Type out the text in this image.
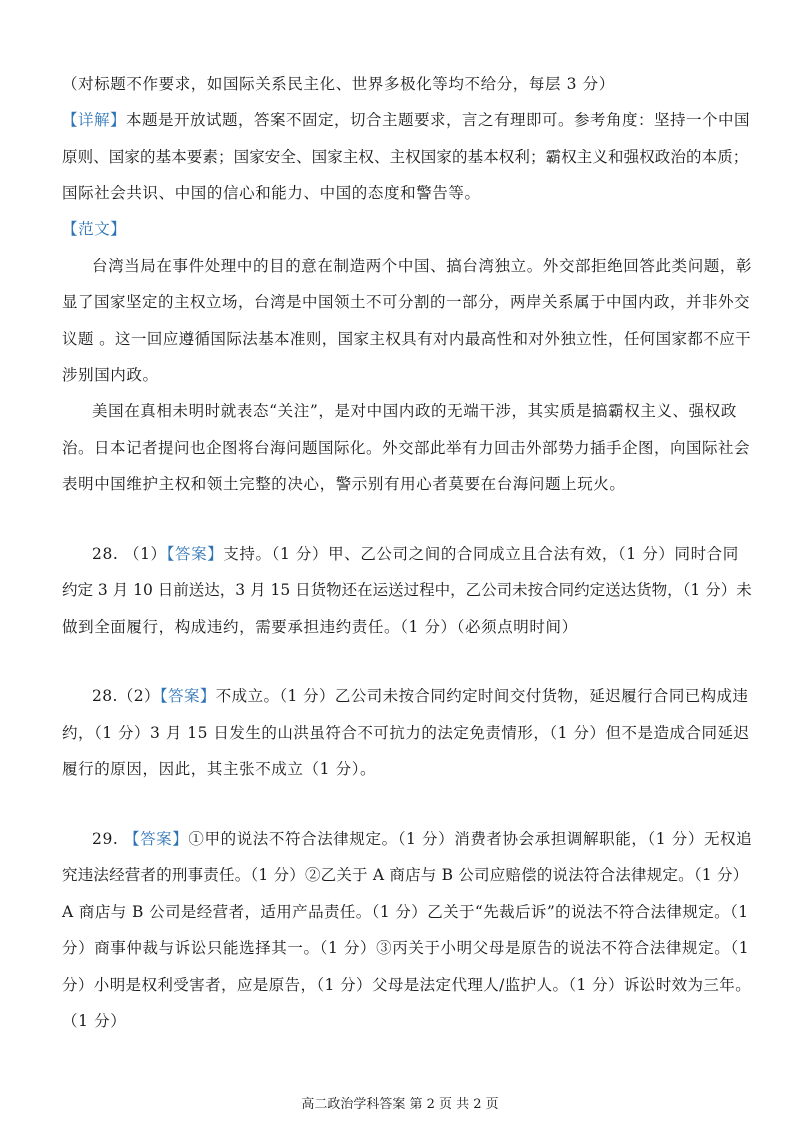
（对标题不作要求，如国际关系民主化、世界多极化等均不给分，每层 3 分）
【详解】本题是开放试题，答案不固定，切合主题要求，言之有理即可。参考角度：坚持一个中国
原则、国家的基本要素；国家安全、国家主权、主权国家的基本权利；霸权主义和强权政治的本质；
国际社会共识、中国的信心和能力、中国的态度和警告等。
【范文】
台湾当局在事件处理中的目的意在制造两个中国、搞台湾独立。外交部拒绝回答此类问题，彰
显了国家坚定的主权立场，台湾是中国领土不可分割的一部分，两岸关系属于中国内政，并非外交
议题 。这一回应遵循国际法基本准则，国家主权具有对内最高性和对外独立性，任何国家都不应干
涉别国内政。
美国在真相未明时就表态“关注”，是对中国内政的无端干涉，其实质是搞霸权主义、强权政
治。日本记者提问也企图将台海问题国际化。外交部此举有力回击外部势力插手企图，向国际社会
表明中国维护主权和领土完整的决心，警示别有用心者莫要在台海问题上玩火。
28. （1）【答案】支持。（1 分）甲、乙公司之间的合同成立且合法有效，（1 分）同时合同
约定 3 月 10 日前送达，3 月 15 日货物还在运送过程中，乙公司未按合同约定送达货物，（1 分）未
做到全面履行，构成违约，需要承担违约责任。（1 分）（必须点明时间）
28.（2）【答案】不成立。（1 分）乙公司未按合同约定时间交付货物，延迟履行合同已构成违
约，（1 分）3 月 15 日发生的山洪虽符合不可抗力的法定免责情形，（1 分）但不是造成合同延迟
履行的原因，因此，其主张不成立（1 分）。
29. 【答案】①甲的说法不符合法律规定。（1 分）消费者协会承担调解职能，（1 分）无权追
究违法经营者的刑事责任。（1 分）②乙关于 A 商店与 B 公司应赔偿的说法符合法律规定。（1 分）
A 商店与 B 公司是经营者，适用产品责任。（1 分）乙关于“先裁后诉”的说法不符合法律规定。（1
分）商事仲裁与诉讼只能选择其一。（1 分）③丙关于小明父母是原告的说法不符合法律规定。（1
分）小明是权利受害者，应是原告，（1 分）父母是法定代理人/监护人。（1 分）诉讼时效为三年。
（1 分）
高二政治学科答案 第 2 页 共 2 页
